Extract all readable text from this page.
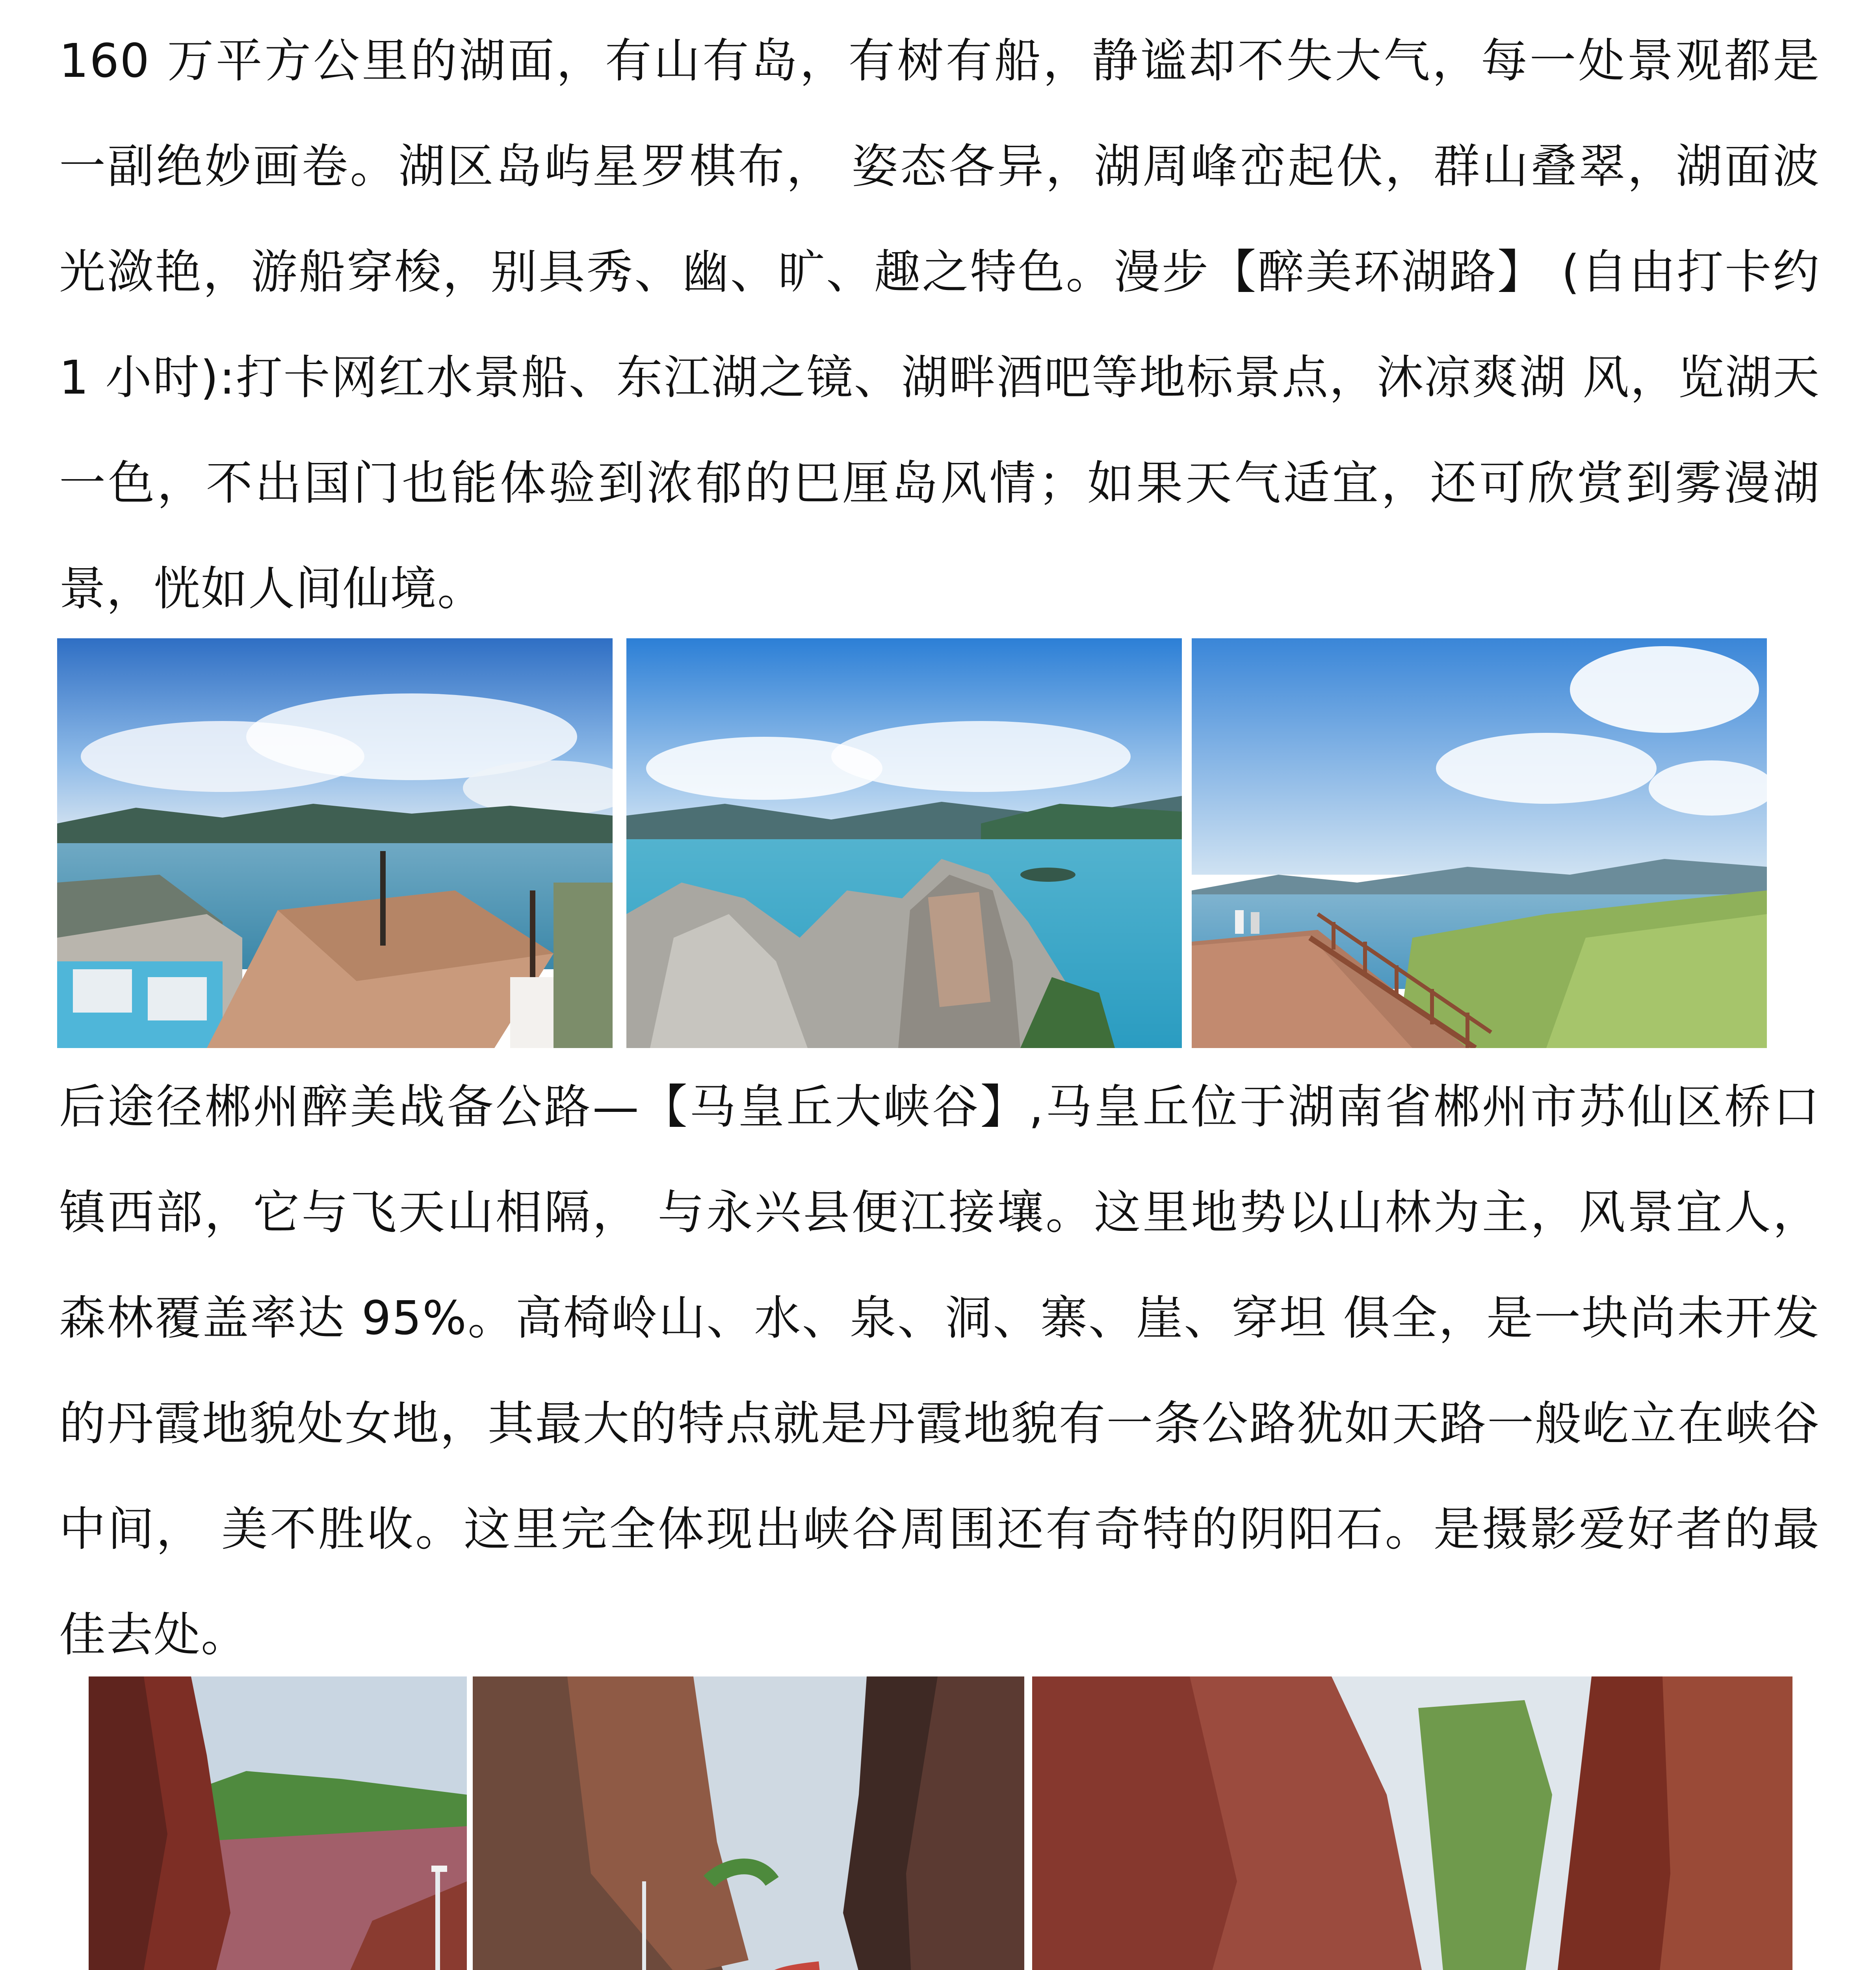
160 万平方公里的湖面，有山有岛，有树有船，静谧却不失大气，每一处景观都是一副绝妙画卷。湖区岛屿星罗棋布， 姿态各异，湖周峰峦起伏，群山叠翠，湖面波光潋艳，游船穿梭，别具秀、幽、旷、趣之特色。漫步【醉美环湖路】 (自由打卡约 1 小时):打卡网红水景船、东江湖之镜、湖畔酒吧等地标景点，沐凉爽湖 风，览湖天一色，不出国门也能体验到浓郁的巴厘岛风情；如果天气适宜，还可欣赏到雾漫湖景，恍如人间仙境。

后途径郴州醉美战备公路—【马皇丘大峡谷】,马皇丘位于湖南省郴州市苏仙区桥口镇西部，它与飞天山相隔， 与永兴县便江接壤。这里地势以山林为主，风景宜人，森林覆盖率达 95%。高椅岭山、水、泉、洞、寨、崖、穿坦 俱全，是一块尚未开发的丹霞地貌处女地，其最大的特点就是丹霞地貌有一条公路犹如天路一般屹立在峡谷中间， 美不胜收。这里完全体现出峡谷周围还有奇特的阴阳石。是摄影爱好者的最佳去处。
